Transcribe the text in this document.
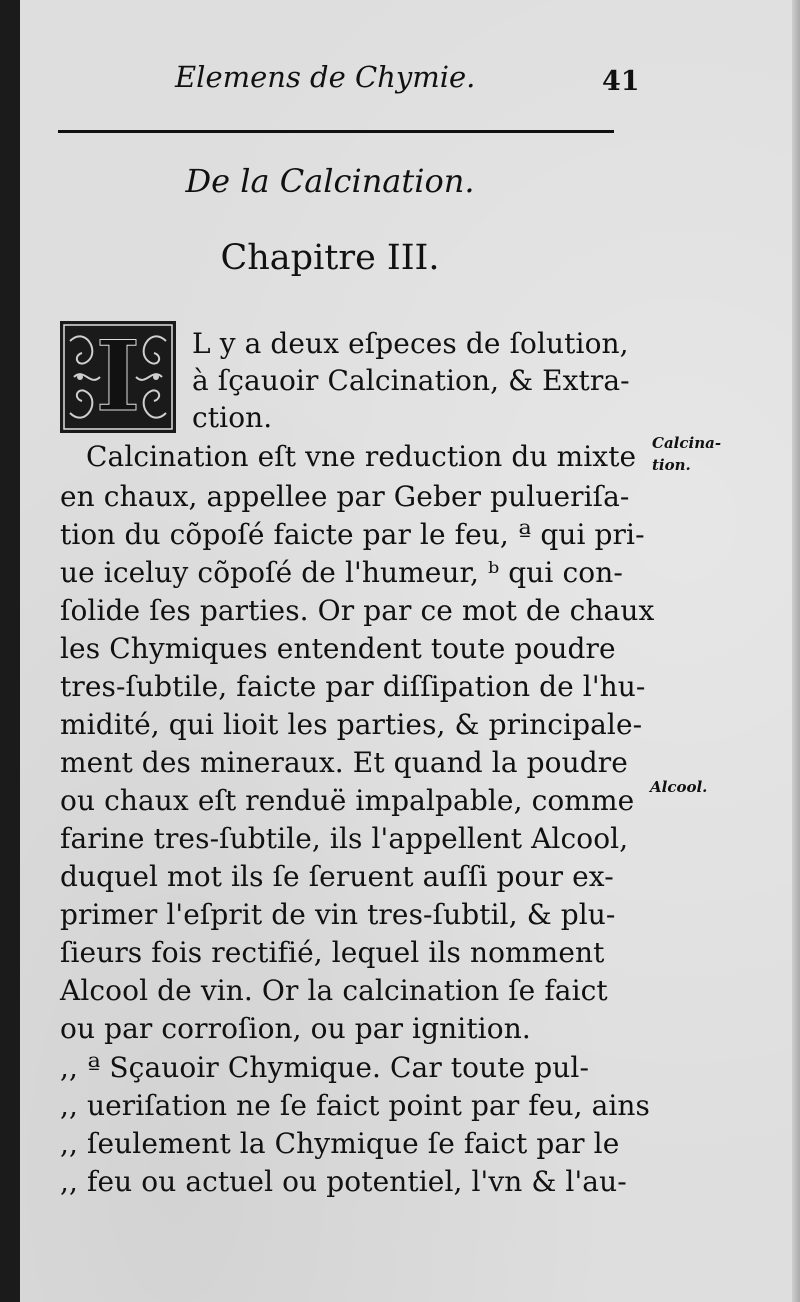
Elemens de Chymie.	41
De la Calcination.
Chapitre III.
I	L y a deux eſpeces de ſolution,
à ſçauoir Calcination, & Extra-
ction.
Calcination eſt vne reduction du mixte
en chaux, appellee par Geber pulueriſa-
tion du cõpoſé faicte par le feu, ª qui pri-
ue iceluy cõpoſé de l'humeur, ᵇ qui con-
ſolide ſes parties. Or par ce mot de chaux
les Chymiques entendent toute poudre
tres-ſubtile, faicte par diſſipation de l'hu-
midité, qui lioit les parties, & principale-
ment des mineraux. Et quand la poudre
ou chaux eſt renduë impalpable, comme
farine tres-ſubtile, ils l'appellent Alcool,
duquel mot ils ſe ſeruent auſſi pour ex-
primer l'eſprit de vin tres-ſubtil, & plu-
ſieurs fois rectifié, lequel ils nomment
Alcool de vin. Or la calcination ſe faict
ou par corroſion, ou par ignition.
,, ª Sçauoir Chymique. Car toute pul-
,, ueriſation ne ſe faict point par feu, ains
,, ſeulement la Chymique ſe faict par le
,, feu ou actuel ou potentiel, l'vn & l'au-
Calcina-
tion.
Alcool.
